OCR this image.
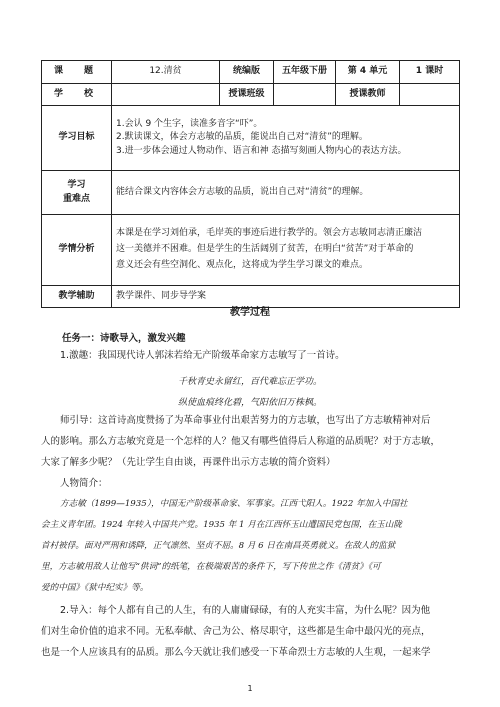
课　题	12.清贫	统编版	五年级下册	第 4 单元	1 课时
学　校		授课班级		授课教师	
学习目标	1.会认 9 个生字，读准多音字“吓”。
2.默读课文，体会方志敏的品质，能说出自己对“清贫”的理解。
3.进一步体会通过人物动作、语言和神 态描写刻画人物内心的表达方法。				

学习
重难点	能结合课文内容体会方志敏的品质，说出自己对“清贫”的理解。				
学情分析	本课是在学习刘伯承，毛岸英的事迹后进行教学的。领会方志敏同志清正廉洁
这一美德并不困难。但是学生的生活阔别了贫苦，在明白“贫苦”对于革命的
意义还会有些空洞化、观点化，这将成为学生学习课文的难点。				

教学辅助	教学课件、同步导学案				
教学过程
任务一：诗歌导入，激发兴趣

1.激趣：我国现代诗人郭沫若给无产阶级革命家方志敏写了一首诗。

千秋青史永留红，百代难忘正学功。
纵使血痕终化碧，气阳依旧万株枫。

师引导：这首诗高度赞扬了为革命事业付出艰苦努力的方志敏，也写出了方志敏精神对后

人的影响。那么方志敏究竟是一个怎样的人？他又有哪些值得后人称道的品质呢？对于方志敏，

大家了解多少呢？（先让学生自由谈，再课件出示方志敏的简介资料）

人物简介：

方志敏（1899—1935），中国无产阶级革命家、军事家。江西弋阳人。1922 年加入中国社

会主义青年团。1924 年转入中国共产党。1935 年 1 月在江西怀玉山遭国民党包围，在玉山陇

首村被俘。面对严刑和诱降，正气凛然、坚贞不屈。8 月 6 日在南昌英勇就义。在敌人的监狱

里，方志敏用敌人让他写“供词”的纸笔，在极端艰苦的条件下，写下传世之作《清贫》《可

爱的中国》《狱中纪实》等。

2.导入：每个人都有自己的人生，有的人庸庸碌碌，有的人充实丰富，为什么呢？因为他

们对生命价值的追求不同。无私奉献、舍己为公、格尽职守，这些都是生命中最闪光的亮点，

也是一个人应该具有的品质。那么今天就让我们感受一下革命烈士方志敏的人生观，一起来学

1
